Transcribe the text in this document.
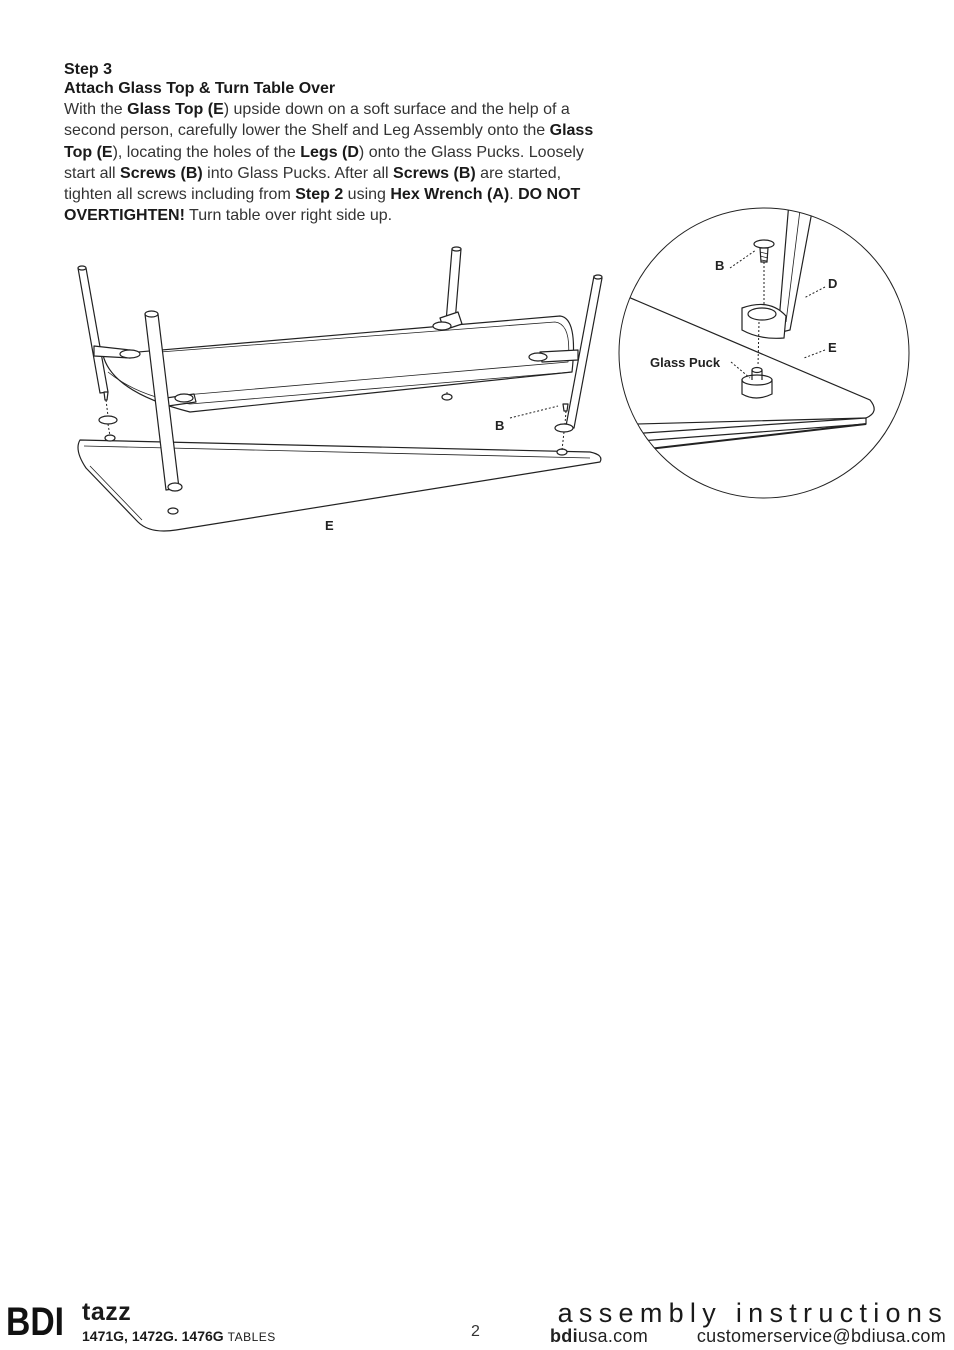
Step 3
Attach Glass Top & Turn Table Over
With the Glass Top (E) upside down on a soft surface and the help of a second person, carefully lower the Shelf and Leg Assembly onto the Glass Top (E), locating the holes of the Legs (D) onto the Glass Pucks. Loosely start all Screws (B) into Glass Pucks. After all Screws (B) are started, tighten all screws including from Step 2 using Hex Wrench (A). DO NOT OVERTIGHTEN! Turn table over right side up.
B
E
B
D
E
Glass Puck
BDI tazz
1471G, 1472G. 1476G TABLES	2
assembly instructions
bdiusa.com	customerservice@bdiusa.com
